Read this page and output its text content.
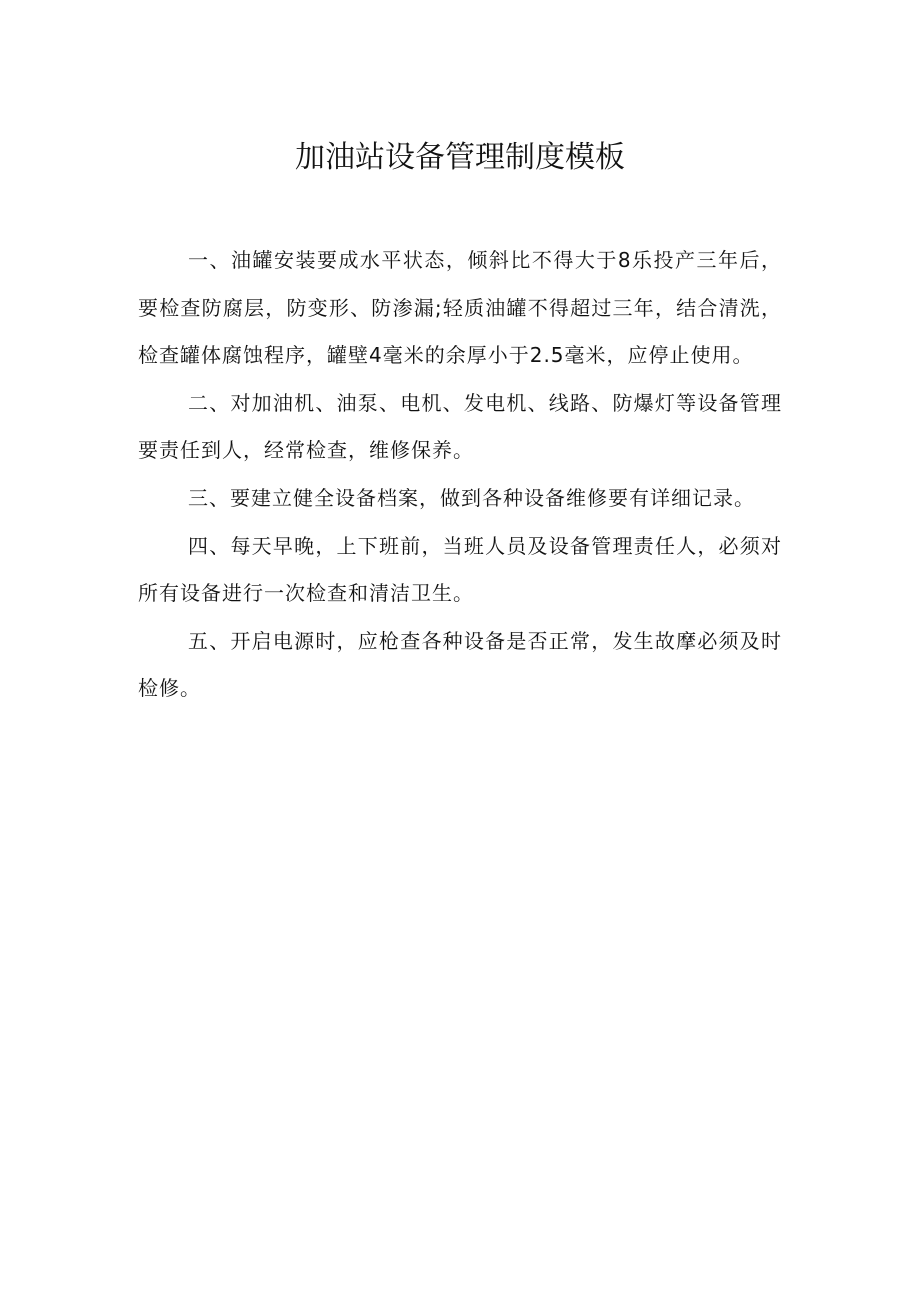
加油站设备管理制度模板

一、油罐安装要成水平状态，倾斜比不得大于8乐投产三年后，要检查防腐层，防变形、防渗漏;轻质油罐不得超过三年，结合清洗，检查罐体腐蚀程序，罐壁4毫米的余厚小于2.5毫米，应停止使用。

二、对加油机、油泵、电机、发电机、线路、防爆灯等设备管理要责任到人，经常检查，维修保养。

三、要建立健全设备档案，做到各种设备维修要有详细记录。

四、每天早晚，上下班前，当班人员及设备管理责任人，必须对所有设备进行一次检查和清洁卫生。

五、开启电源时，应枪查各种设备是否正常，发生故摩必须及时检修。
